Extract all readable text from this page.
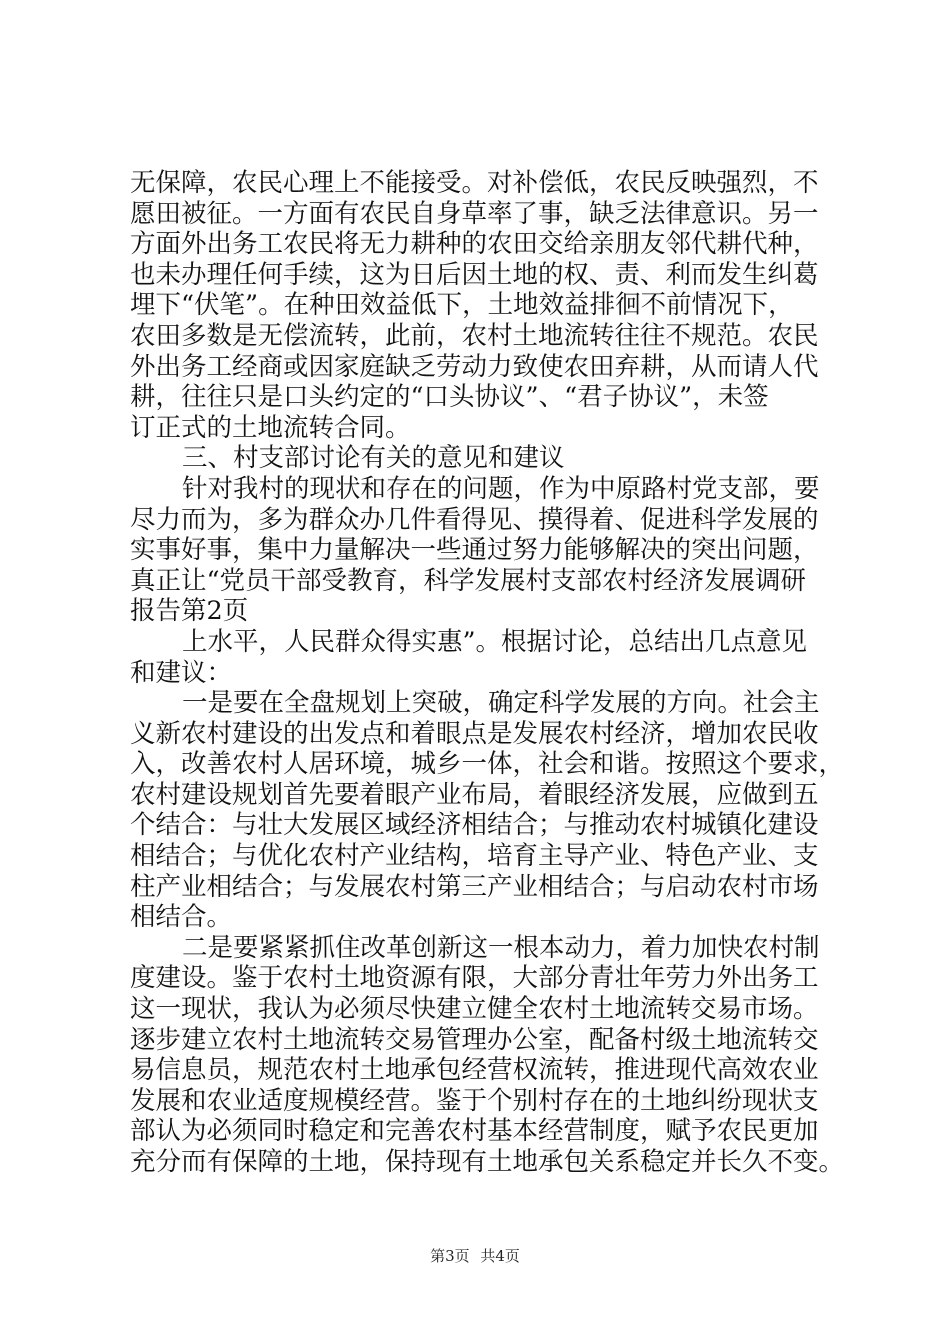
无保障，农民心理上不能接受。对补偿低，农民反映强烈，不
愿田被征。一方面有农民自身草率了事，缺乏法律意识。另一
方面外出务工农民将无力耕种的农田交给亲朋友邻代耕代种，
也未办理任何手续，这为日后因土地的权、责、利而发生纠葛
埋下“伏笔”。在种田效益低下，土地效益排徊不前情况下，
农田多数是无偿流转，此前，农村土地流转往往不规范。农民
外出务工经商或因家庭缺乏劳动力致使农田弃耕，从而请人代
耕，往往只是口头约定的“口头协议”、“君子协议”，未签
订正式的土地流转合同。
三、村支部讨论有关的意见和建议
针对我村的现状和存在的问题，作为中原路村党支部，要
尽力而为，多为群众办几件看得见、摸得着、促进科学发展的
实事好事，集中力量解决一些通过努力能够解决的突出问题，
真正让“党员干部受教育，科学发展村支部农村经济发展调研
报告第2页
上水平，人民群众得实惠”。根据讨论，总结出几点意见
和建议：
一是要在全盘规划上突破，确定科学发展的方向。社会主
义新农村建设的出发点和着眼点是发展农村经济，增加农民收
入，改善农村人居环境，城乡一体，社会和谐。按照这个要求，
农村建设规划首先要着眼产业布局，着眼经济发展，应做到五
个结合：与壮大发展区域经济相结合；与推动农村城镇化建设
相结合；与优化农村产业结构，培育主导产业、特色产业、支
柱产业相结合；与发展农村第三产业相结合；与启动农村市场
相结合。
二是要紧紧抓住改革创新这一根本动力，着力加快农村制
度建设。鉴于农村土地资源有限，大部分青壮年劳力外出务工
这一现状，我认为必须尽快建立健全农村土地流转交易市场。
逐步建立农村土地流转交易管理办公室，配备村级土地流转交
易信息员，规范农村土地承包经营权流转，推进现代高效农业
发展和农业适度规模经营。鉴于个别村存在的土地纠纷现状支
部认为必须同时稳定和完善农村基本经营制度，赋予农民更加
充分而有保障的土地，保持现有土地承包关系稳定并长久不变。
第3页 共4页
